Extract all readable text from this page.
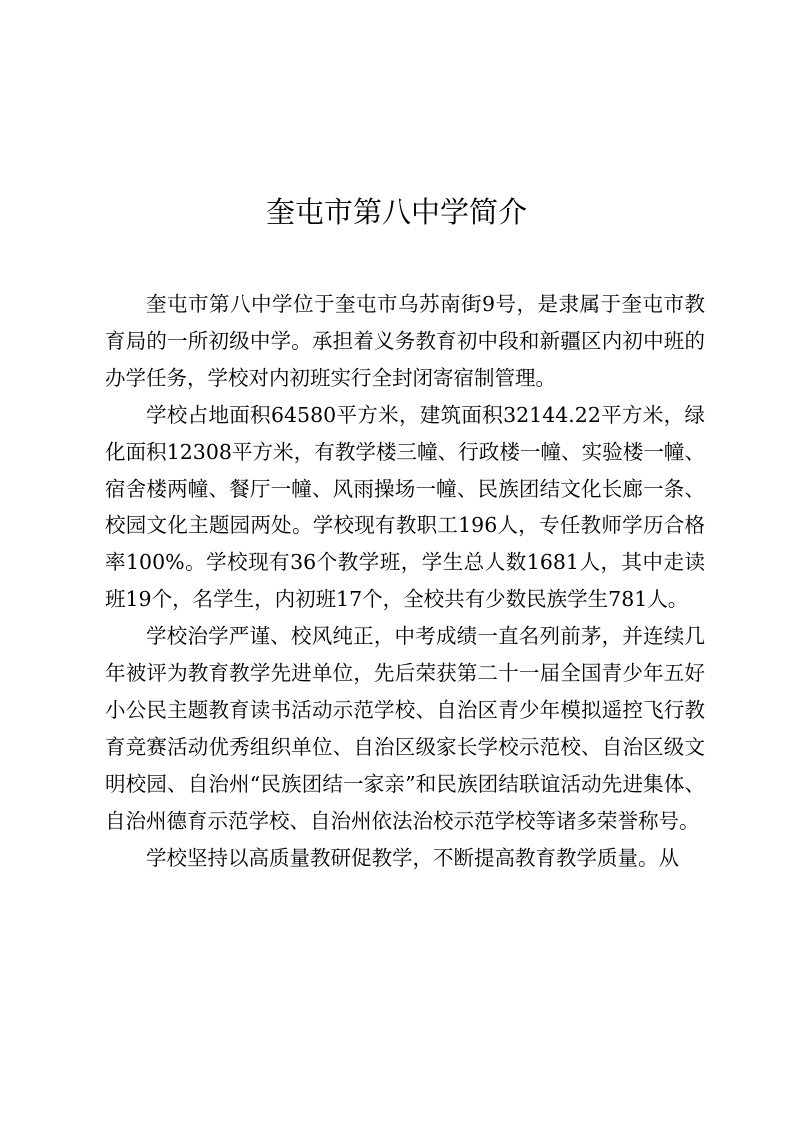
奎屯市第八中学简介

奎屯市第八中学位于奎屯市乌苏南街9号，是隶属于奎屯市教育局的一所初级中学。承担着义务教育初中段和新疆区内初中班的办学任务，学校对内初班实行全封闭寄宿制管理。

学校占地面积64580平方米，建筑面积32144.22平方米，绿化面积12308平方米，有教学楼三幢、行政楼一幢、实验楼一幢、宿舍楼两幢、餐厅一幢、风雨操场一幢、民族团结文化长廊一条、校园文化主题园两处。学校现有教职工196人，专任教师学历合格率100%。学校现有36个教学班，学生总人数1681人，其中走读班19个，名学生，内初班17个，全校共有少数民族学生781人。

学校治学严谨、校风纯正，中考成绩一直名列前茅，并连续几年被评为教育教学先进单位，先后荣获第二十一届全国青少年五好小公民主题教育读书活动示范学校、自治区青少年模拟遥控飞行教育竞赛活动优秀组织单位、自治区级家长学校示范校、自治区级文明校园、自治州“民族团结一家亲”和民族团结联谊活动先进集体、自治州德育示范学校、自治州依法治校示范学校等诸多荣誉称号。

学校坚持以高质量教研促教学，不断提高教育教学质量。从
